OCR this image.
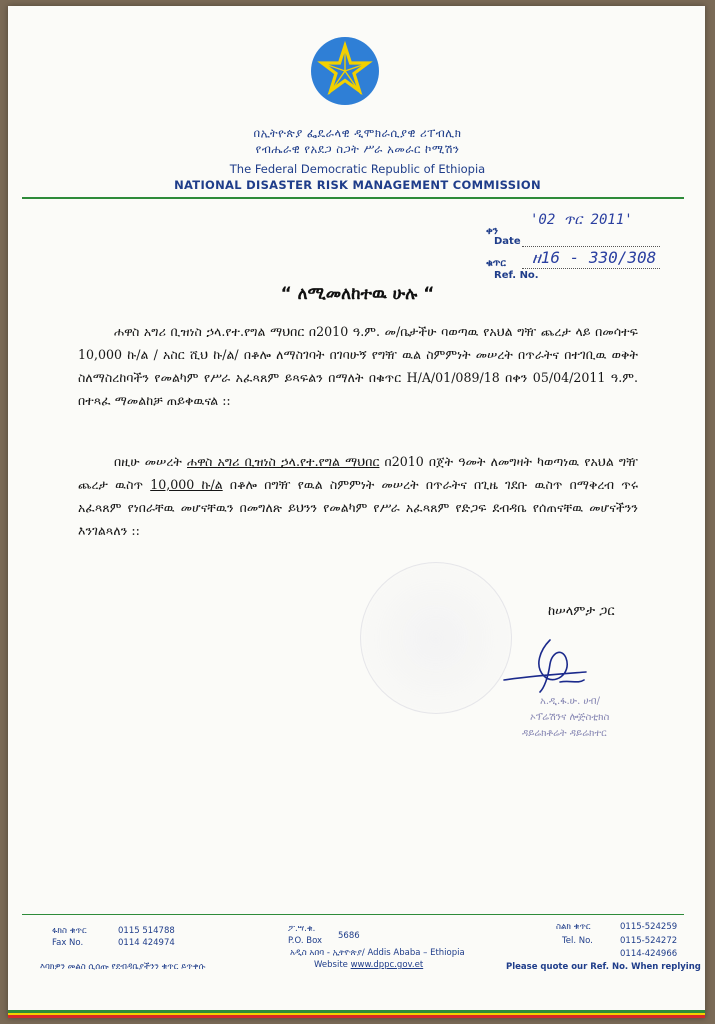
በኢትዮጵያ ፌዴራላዊ ዲሞክራሲያዊ ሪፐብሊክ
የብሔራዊ የአደጋ ስጋት ሥራ አመራር ኮሚሽን
The Federal Democratic Republic of Ethiopia
NATIONAL DISASTER RISK MANAGEMENT COMMISSION
ቀን
Date
'02 ጥር 2011'
ቁጥር
Ref. No.
ዘ16 - 330/308
“ ለሚመለከተዉ ሁሉ “
ሐዋስ አግሪ ቢዝነስ ኃላ.የተ.የግል ማህበር በ2010 ዓ.ም. መ/ቤታችሁ ባወጣዉ የአህል ግዥ ጨረታ ላይ በመሳተፍ 10,000 ኩ/ል / አስር ሺህ ኩ/ል/ በቆሎ ለማስገባት በገባሁኝ የግዥ ዉል ስምምነት መሠረት በጥራትና በተገቢዉ ወቅት ስለማስረከባችን የመልካም የሥራ አፈጻጸም ይጻፍልን በማለት በቁጥር H/A/01/089/18 በቀን 05/04/2011 ዓ.ም. በተጻፈ ማመልከቻ ጠይቀዉናል ::
በዚሁ መሠረት ሐዋስ አግሪ ቢዝነስ ኃላ.የተ.የግል ማህበር በ2010 በጀት ዓመት ለመግዛት ካወጣነዉ የአህል ግዥ ጨረታ ዉስጥ 10,000 ኩ/ል በቆሎ በግዥ የዉል ስምምነት መሠረት በጥራትና በጊዜ ገደቡ ዉስጥ በማቅረብ ጥሩ አፈጻጸም የነበራቸዉ መሆናቸዉን በመግለጽ ይህንን የመልካም የሥራ አፈጻጸም የድጋፍ ደብዳቤ የሰጠናቸዉ መሆናችንን እንገልጻለን ::
ከሠላምታ ጋር
አ.ዲ.ፋ.ሁ. ሀብ/
ኦፕሬሽንና ሎጅስቲክስ
ዳይሬክቶሬት ዳይሬክተር
ፋክስ ቁጥር	0115 514788
Fax No.	0114 424974
ፖ.ሣ.ቁ.
P.O. Box 5686
አዲስ አበባ - ኢትዮጵያ/ Addis Ababa – Ethiopia
Website www.dppc.gov.et
ስልክ ቁጥር	0115-524259
Tel. No.	0115-524272
0114-424966
እባክዎን መልስ ሲሰጡ የደብዳቤያችንን ቁጥር ይጥቀሱ	Please quote our Ref. No. When replying
